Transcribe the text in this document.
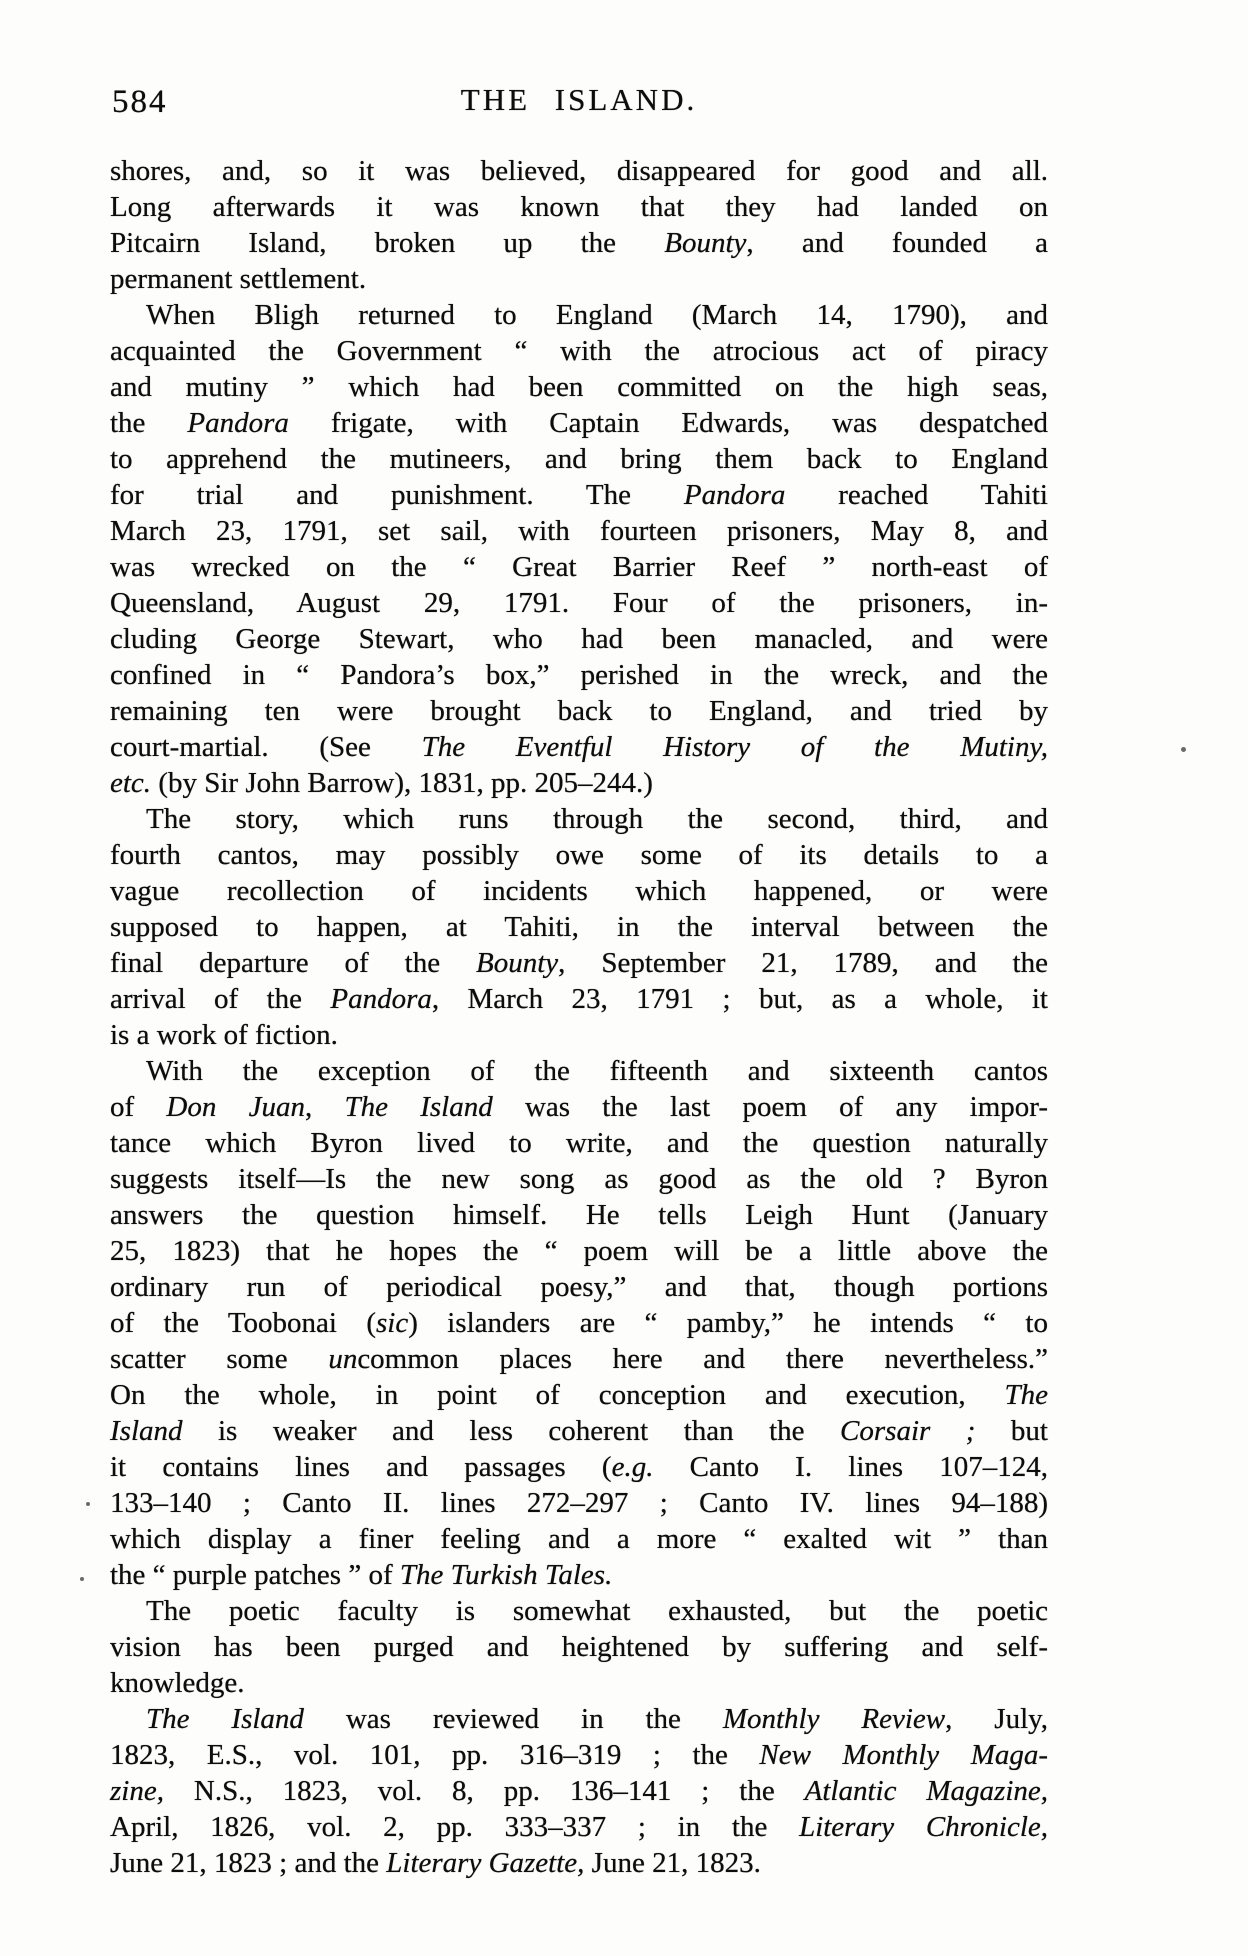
584	THE ISLAND.
shores, and, so it was believed, disappeared for good and all.
Long afterwards it was known that they had landed on
Pitcairn Island, broken up the Bounty, and founded a
permanent settlement.
When Bligh returned to England (March 14, 1790), and
acquainted the Government “ with the atrocious act of piracy
and mutiny ” which had been committed on the high seas,
the Pandora frigate, with Captain Edwards, was despatched
to apprehend the mutineers, and bring them back to England
for trial and punishment. The Pandora reached Tahiti
March 23, 1791, set sail, with fourteen prisoners, May 8, and
was wrecked on the “ Great Barrier Reef ” north-east of
Queensland, August 29, 1791. Four of the prisoners, in-
cluding George Stewart, who had been manacled, and were
confined in “ Pandora’s box,” perished in the wreck, and the
remaining ten were brought back to England, and tried by
court-martial. (See The Eventful History of the Mutiny,
etc. (by Sir John Barrow), 1831, pp. 205–244.)
The story, which runs through the second, third, and
fourth cantos, may possibly owe some of its details to a
vague recollection of incidents which happened, or were
supposed to happen, at Tahiti, in the interval between the
final departure of the Bounty, September 21, 1789, and the
arrival of the Pandora, March 23, 1791 ; but, as a whole, it
is a work of fiction.
With the exception of the fifteenth and sixteenth cantos
of Don Juan, The Island was the last poem of any impor-
tance which Byron lived to write, and the question naturally
suggests itself—Is the new song as good as the old ? Byron
answers the question himself. He tells Leigh Hunt (January
25, 1823) that he hopes the “ poem will be a little above the
ordinary run of periodical poesy,” and that, though portions
of the Toobonai (sic) islanders are “ pamby,” he intends “ to
scatter some uncommon places here and there nevertheless.”
On the whole, in point of conception and execution, The
Island is weaker and less coherent than the Corsair ; but
it contains lines and passages (e.g. Canto I. lines 107–124,
133–140 ; Canto II. lines 272–297 ; Canto IV. lines 94–188)
which display a finer feeling and a more “ exalted wit ” than
the “ purple patches ” of The Turkish Tales.
The poetic faculty is somewhat exhausted, but the poetic
vision has been purged and heightened by suffering and self-
knowledge.
The Island was reviewed in the Monthly Review, July,
1823, E.S., vol. 101, pp. 316–319 ; the New Monthly Maga-
zine, N.S., 1823, vol. 8, pp. 136–141 ; the Atlantic Magazine,
April, 1826, vol. 2, pp. 333–337 ; in the Literary Chronicle,
June 21, 1823 ; and the Literary Gazette, June 21, 1823.
